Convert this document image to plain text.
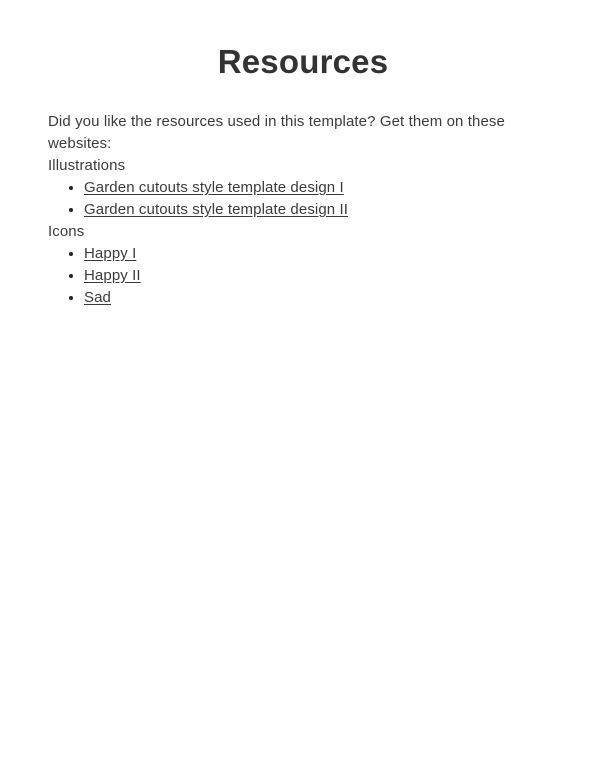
Resources

Did you like the resources used in this template? Get them on these websites:

Illustrations
• Garden cutouts style template design I
• Garden cutouts style template design II
Icons
• Happy I
• Happy II
• Sad
